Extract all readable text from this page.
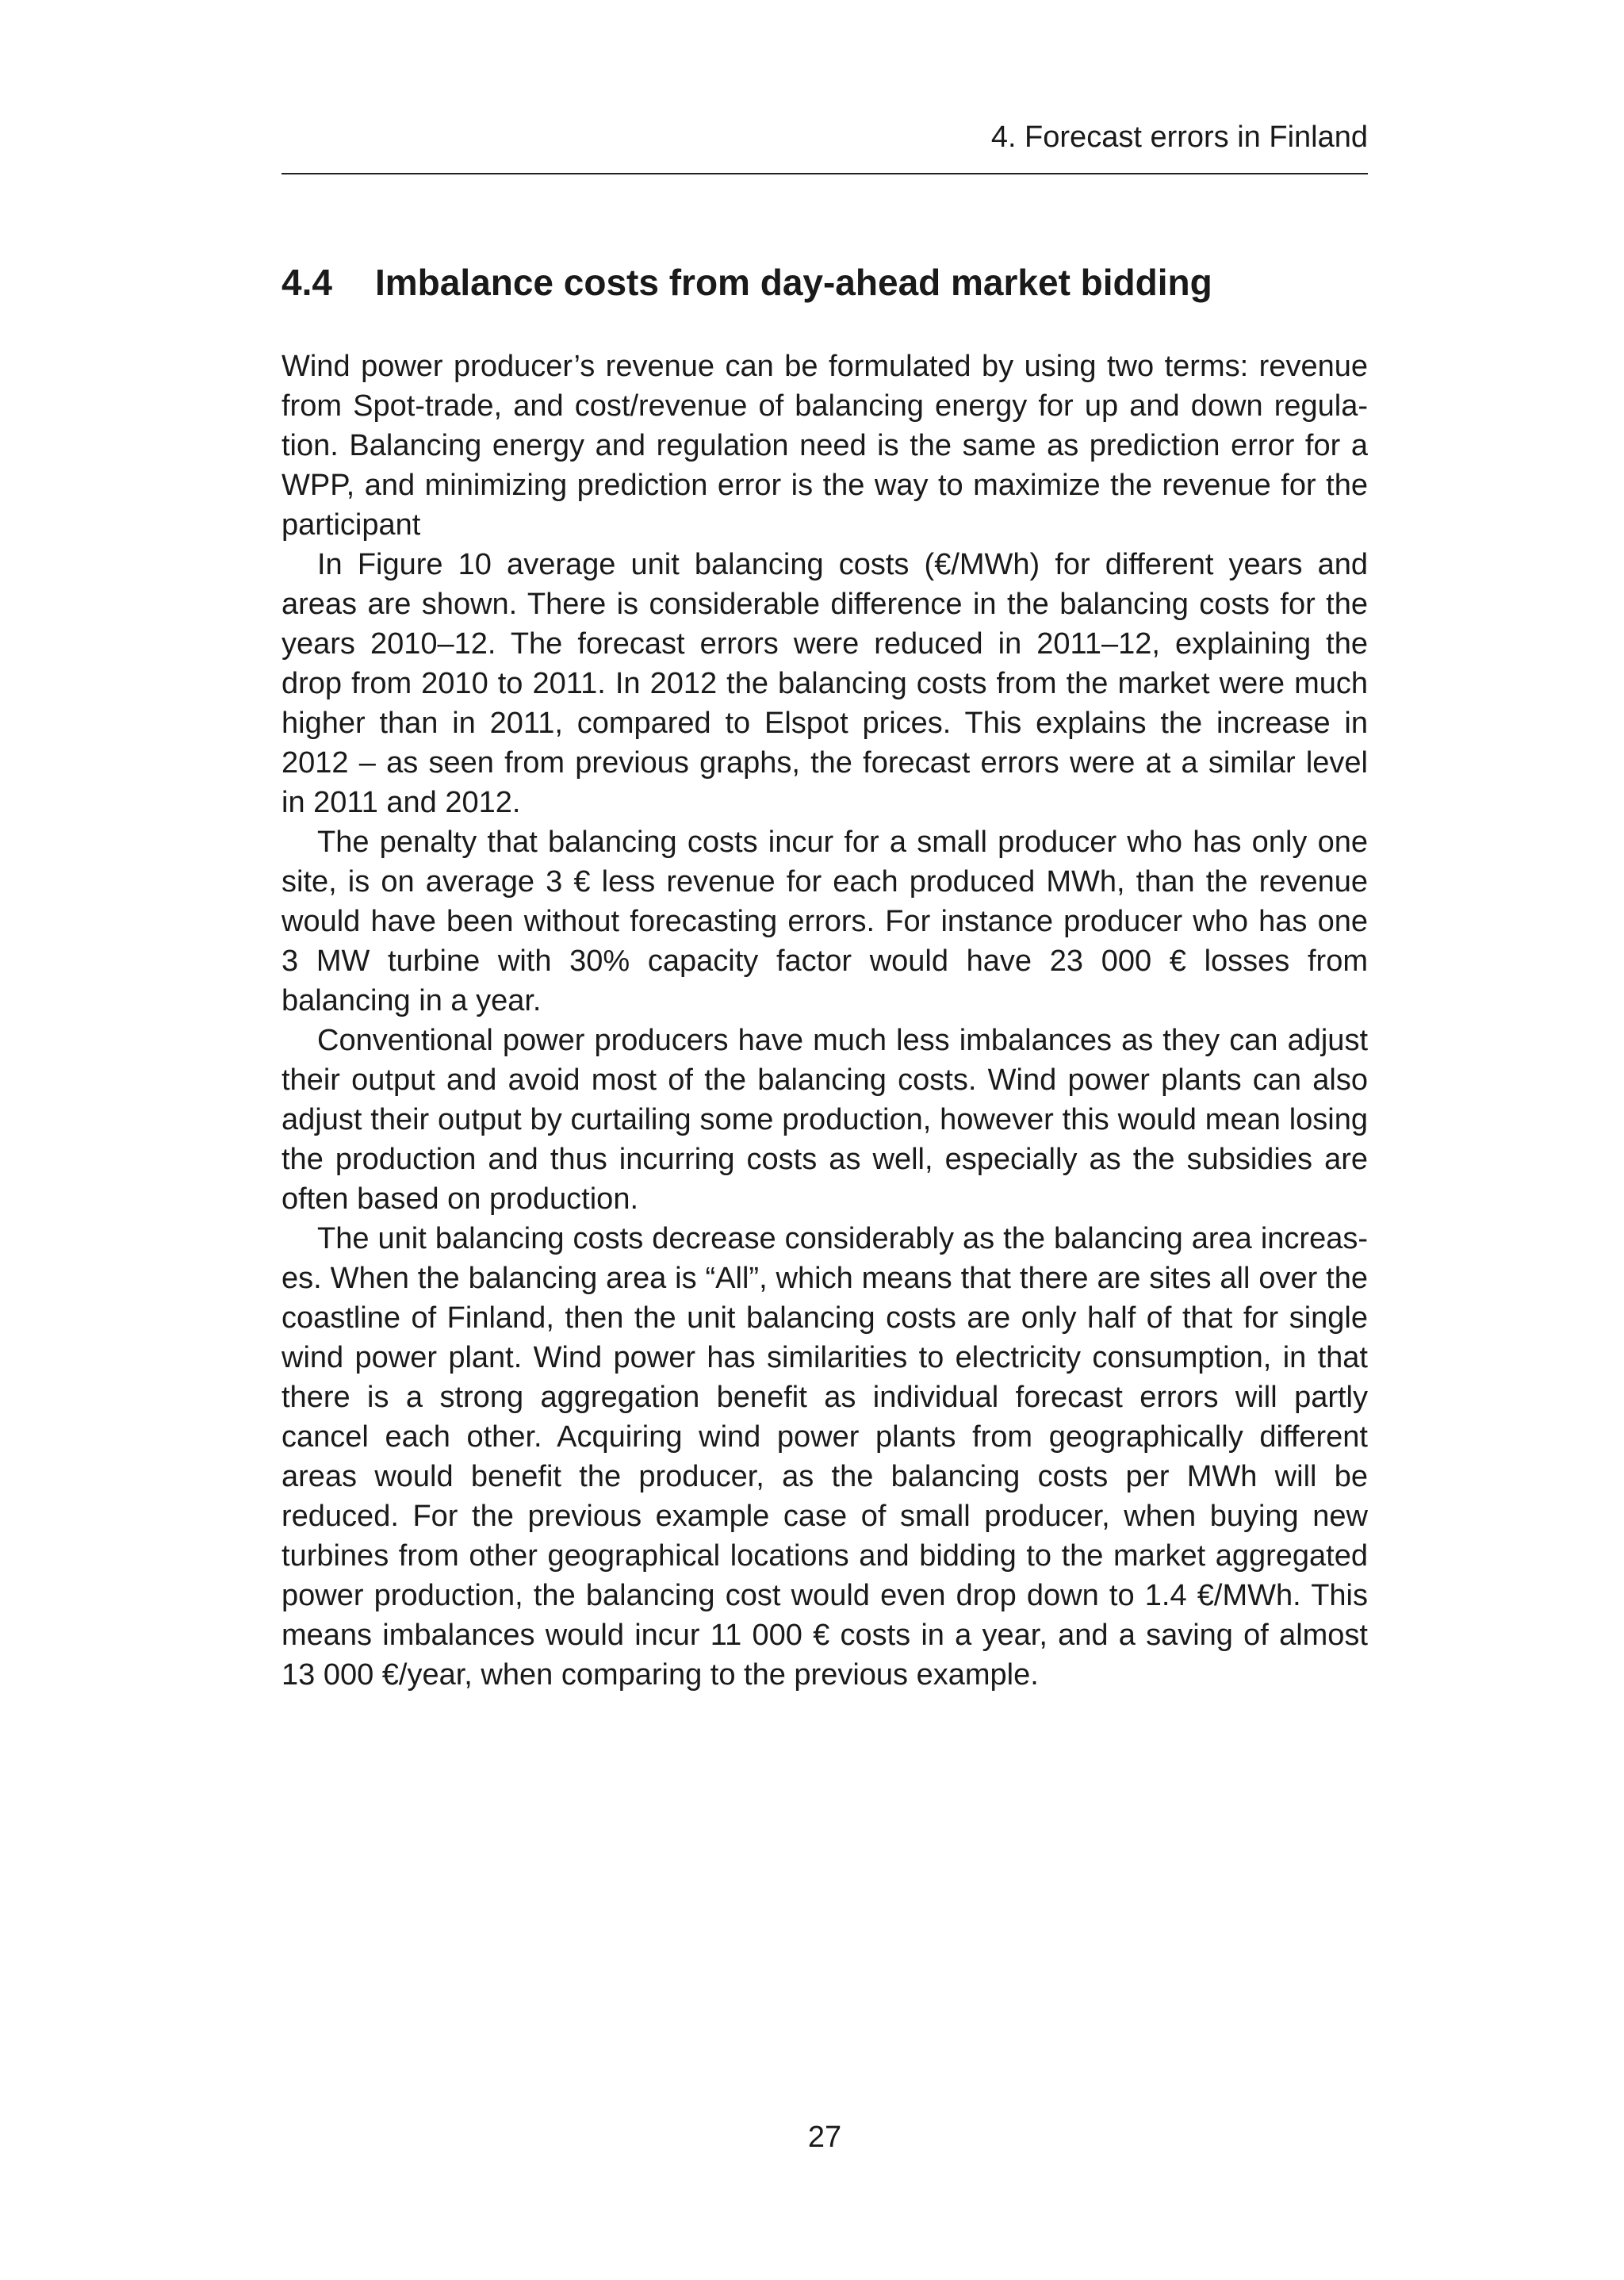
4. Forecast errors in Finland
4.4 Imbalance costs from day-ahead market bidding

Wind power producer’s revenue can be formulated by using two terms: revenue from Spot-trade, and cost/revenue of balancing energy for up and down regulation. Balancing energy and regulation need is the same as prediction error for a WPP, and minimizing prediction error is the way to maximize the revenue for the participant

In Figure 10 average unit balancing costs (€/MWh) for different years and areas are shown. There is considerable difference in the balancing costs for the years 2010–12. The forecast errors were reduced in 2011–12, explaining the drop from 2010 to 2011. In 2012 the balancing costs from the market were much higher than in 2011, compared to Elspot prices. This explains the increase in 2012 – as seen from previous graphs, the forecast errors were at a similar level in 2011 and 2012.

The penalty that balancing costs incur for a small producer who has only one site, is on average 3 € less revenue for each produced MWh, than the revenue would have been without forecasting errors. For instance producer who has one 3 MW turbine with 30% capacity factor would have 23 000 € losses from balancing in a year.

Conventional power producers have much less imbalances as they can adjust their output and avoid most of the balancing costs. Wind power plants can also adjust their output by curtailing some production, however this would mean losing the production and thus incurring costs as well, especially as the subsidies are often based on production.

The unit balancing costs decrease considerably as the balancing area increases. When the balancing area is “All”, which means that there are sites all over the coastline of Finland, then the unit balancing costs are only half of that for single wind power plant. Wind power has similarities to electricity consumption, in that there is a strong aggregation benefit as individual forecast errors will partly cancel each other. Acquiring wind power plants from geographically different areas would benefit the producer, as the balancing costs per MWh will be reduced. For the previous example case of small producer, when buying new turbines from other geographical locations and bidding to the market aggregated power production, the balancing cost would even drop down to 1.4 €/MWh. This means imbalances would incur 11 000 € costs in a year, and a saving of almost 13 000 €/year, when comparing to the previous example.

27
